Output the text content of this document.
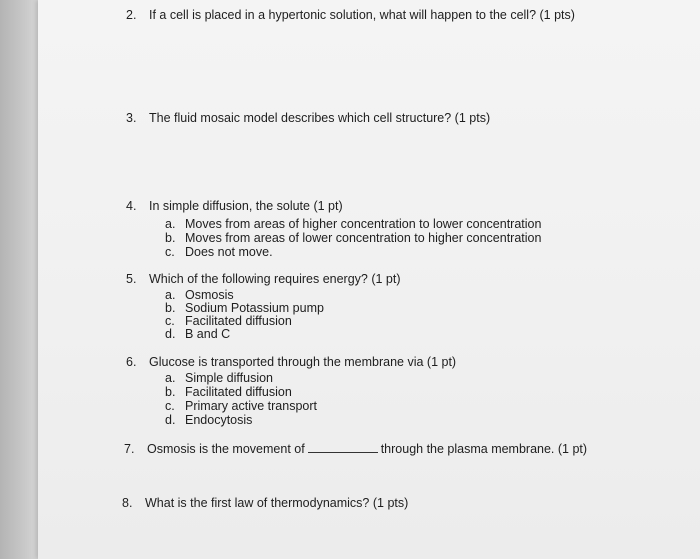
2. If a cell is placed in a hypertonic solution, what will happen to the cell? (1 pts)
3. The fluid mosaic model describes which cell structure? (1 pts)
4. In simple diffusion, the solute (1 pt)
a. Moves from areas of higher concentration to lower concentration
b. Moves from areas of lower concentration to higher concentration
c. Does not move.
5. Which of the following requires energy? (1 pt)
a. Osmosis
b. Sodium Potassium pump
c. Facilitated diffusion
d. B and C
6. Glucose is transported through the membrane via (1 pt)
a. Simple diffusion
b. Facilitated diffusion
c. Primary active transport
d. Endocytosis
7. Osmosis is the movement of	through the plasma membrane. (1 pt)
8. What is the first law of thermodynamics? (1 pts)
